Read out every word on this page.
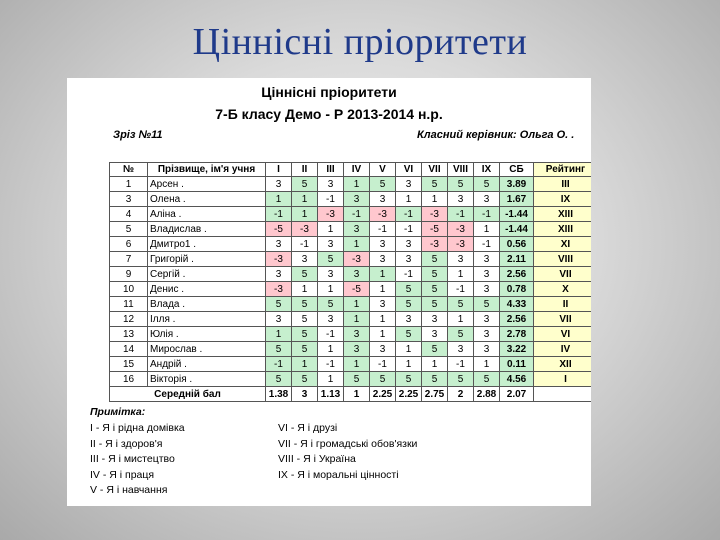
Ціннісні пріоритети
Ціннісні пріоритети
7-Б класу Демо - Р 2013-2014 н.р.
Зріз №11	Класний керівник: Ольга О. .
№	Прізвище, ім'я учня	I	II	III	IV	V	VI	VII	VIII	IX	СБ	Рейтинг
1	Арсен .	3	5	3	1	5	3	5	5	5	3.89	III
3	Олена .	1	1	-1	3	3	1	1	3	3	1.67	IX
4	Аліна .	-1	1	-3	-1	-3	-1	-3	-1	-1	-1.44	XIII
5	Владислав .	-5	-3	1	3	-1	-1	-5	-3	1	-1.44	XIII
6	Дмитро1 .	3	-1	3	1	3	3	-3	-3	-1	0.56	XI
7	Григорій .	-3	3	5	-3	3	3	5	3	3	2.11	VIII
9	Сергій .	3	5	3	3	1	-1	5	1	3	2.56	VII
10	Денис .	-3	1	1	-5	1	5	5	-1	3	0.78	X
11	Влада .	5	5	5	1	3	5	5	5	5	4.33	II
12	Ілля .	3	5	3	1	1	3	3	1	3	2.56	VII
13	Юлія .	1	5	-1	3	1	5	3	5	3	2.78	VI
14	Мирослав .	5	5	1	3	3	1	5	3	3	3.22	IV
15	Андрій .	-1	1	-1	1	-1	1	1	-1	1	0.11	XII
16	Вікторія .	5	5	1	5	5	5	5	5	5	4.56	I
Середній бал		1.38	3	1.13	1	2.25	2.25	2.75	2	2.88	2.07	
Примітка:
I - Я і рідна домівка
II - Я і здоров'я
III - Я і мистецтво
IV - Я і праця
V - Я і навчання
VI - Я і друзі
VII - Я і громадські обов'язки
VIII - Я і Україна
IX - Я і моральні цінності
